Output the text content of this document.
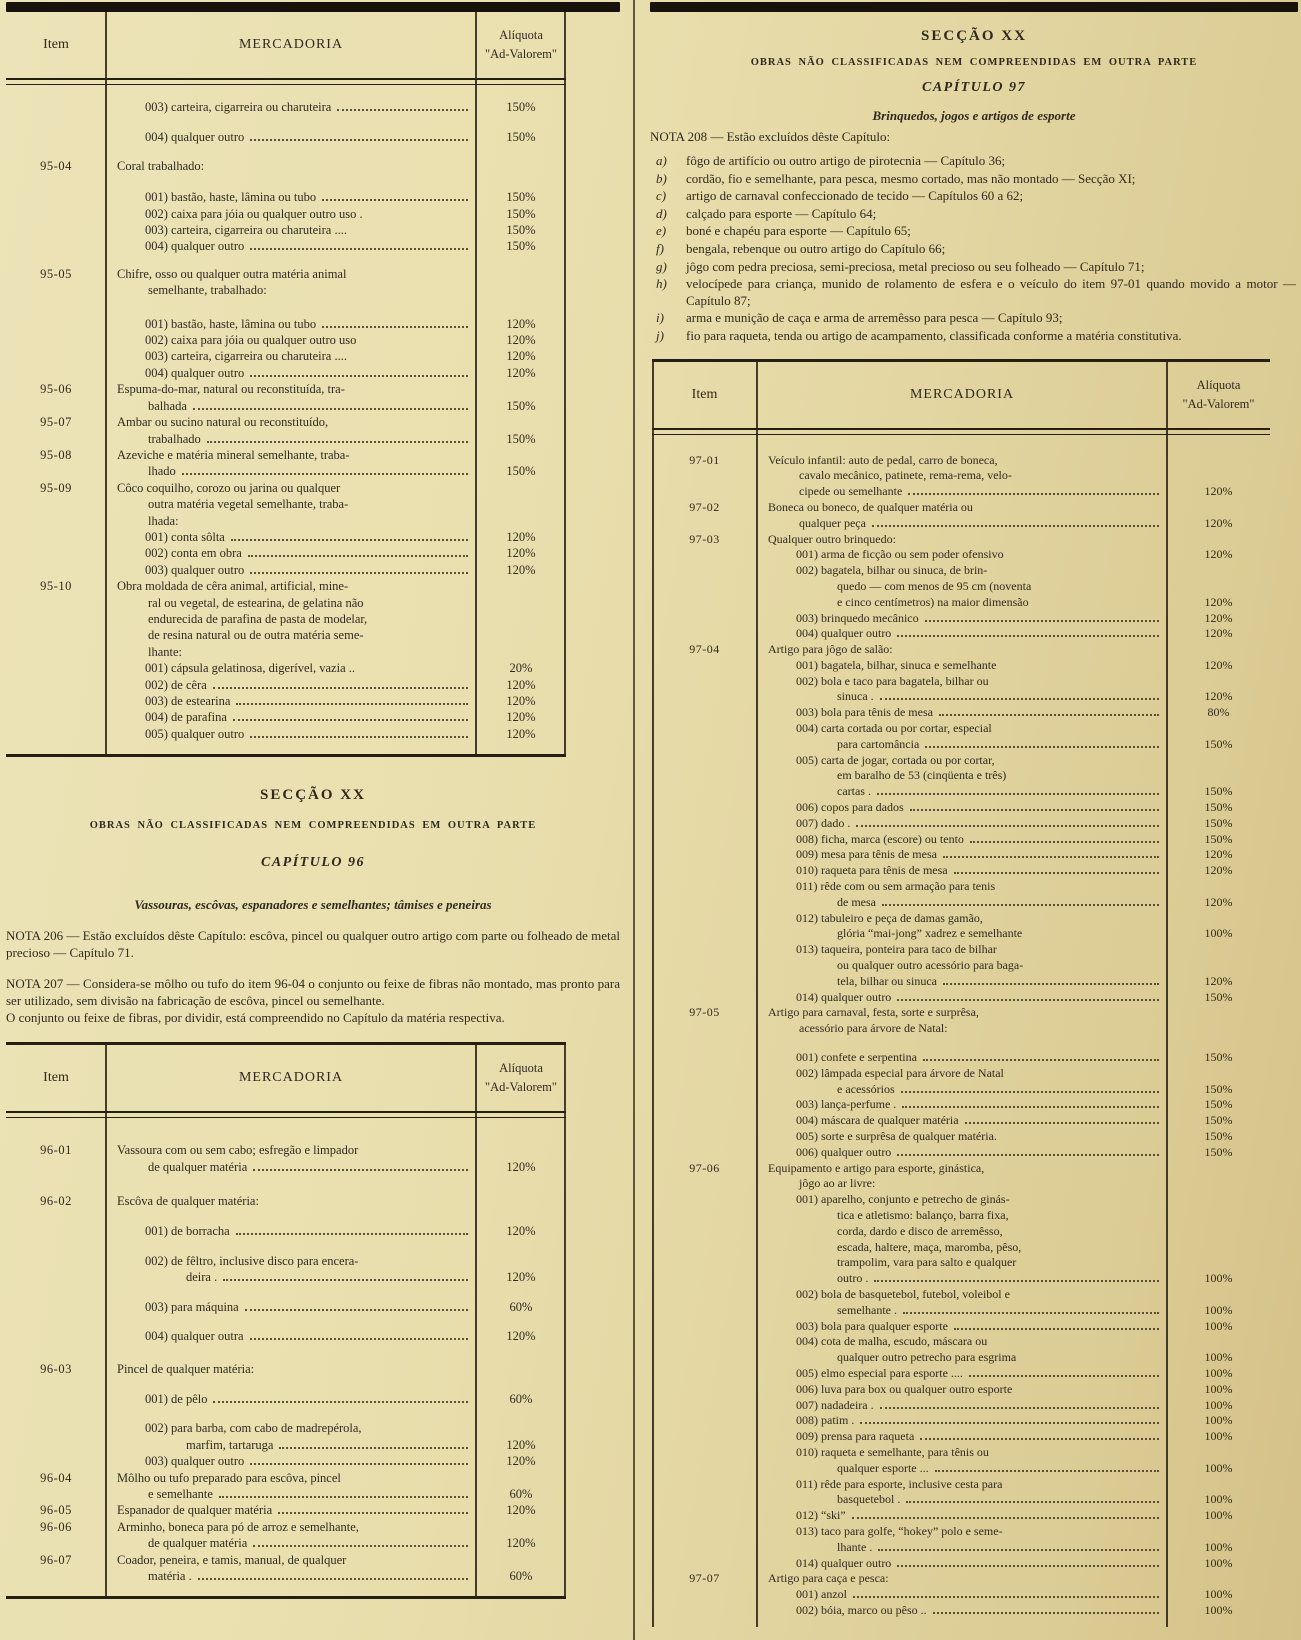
Item	MERCADORIA
Alíquota
"Ad-Valorem"
003) carteira, cigarreira ou charuteira	150%
004) qualquer outro	150%
95-04	Coral trabalhado:
001) bastão, haste, lâmina ou tubo	150%
002) caixa para jóia ou qualquer outro uso .	150%
003) carteira, cigarreira ou charuteira ....	150%
004) qualquer outro	150%
95-05	Chifre, osso ou qualquer outra matéria animal
semelhante, trabalhado:
001) bastão, haste, lâmina ou tubo	120%
002) caixa para jóia ou qualquer outro uso	120%
003) carteira, cigarreira ou charuteira ....	120%
004) qualquer outro	120%
95-06	Espuma-do-mar, natural ou reconstituída, tra-
balhada	150%
95-07	Ambar ou sucino natural ou reconstituído,
trabalhado	150%
95-08	Azeviche e matéria mineral semelhante, traba-
lhado	150%
95-09	Côco coquilho, corozo ou jarina ou qualquer
outra matéria vegetal semelhante, traba-
lhada:
001) conta sôlta	120%
002) conta em obra	120%
003) qualquer outro	120%
95-10	Obra moldada de cêra animal, artificial, mine-
ral ou vegetal, de estearina, de gelatina não
endurecida de parafina de pasta de modelar,
de resina natural ou de outra matéria seme-
lhante:
001) cápsula gelatinosa, digerível, vazia ..	20%
002) de cêra	120%
003) de estearina	120%
004) de parafina	120%
005) qualquer outro	120%
SECÇÃO XX
OBRAS NÃO CLASSIFICADAS NEM COMPREENDIDAS EM OUTRA PARTE
CAPÍTULO 96
Vassouras, escôvas, espanadores e semelhantes; tâmises e peneiras

NOTA 206 — Estão excluídos dêste Capítulo: escôva, pincel ou qualquer outro artigo com parte ou folheado de metal precioso — Capítulo 71.

NOTA 207 — Considera-se môlho ou tufo do item 96-04 o conjunto ou feixe de fibras não montado, mas pronto para ser utilizado, sem divisão na fabricação de escôva, pincel ou semelhante.

O conjunto ou feixe de fibras, por dividir, está compreendido no Capítulo da matéria respectiva.

Item	MERCADORIA
Alíquota
"Ad-Valorem"
96-01	Vassoura com ou sem cabo; esfregão e limpador
de qualquer matéria	120%
96-02	Escôva de qualquer matéria:
001) de borracha	120%
002) de fêltro, inclusive disco para encera-
deira .	120%
003) para máquina	60%
004) qualquer outra	120%
96-03	Pincel de qualquer matéria:
001) de pêlo	60%
002) para barba, com cabo de madrepérola,
marfim, tartaruga	120%
003) qualquer outro	120%
96-04	Môlho ou tufo preparado para escôva, pincel
e semelhante	60%
96-05	Espanador de qualquer matéria	120%
96-06	Arminho, boneca para pó de arroz e semelhante,
de qualquer matéria	120%
96-07	Coador, peneira, e tamis, manual, de qualquer
matéria .	60%
SECÇÃO XX
OBRAS NÃO CLASSIFICADAS NEM COMPREENDIDAS EM OUTRA PARTE
CAPÍTULO 97
Brinquedos, jogos e artigos de esporte

NOTA 208 — Estão excluídos dêste Capítulo:

a)	fôgo de artifício ou outro artigo de pirotecnia — Capítulo 36;
b)	cordão, fio e semelhante, para pesca, mesmo cortado, mas não montado — Secção XI;
c)	artigo de carnaval confeccionado de tecido — Capítulos 60 a 62;
d)	calçado para esporte — Capítulo 64;
e)	boné e chapéu para esporte — Capítulo 65;
f)	bengala, rebenque ou outro artigo do Capítulo 66;
g)	jôgo com pedra preciosa, semi-preciosa, metal precioso ou seu folheado — Capítulo 71;
h)	velocípede para criança, munido de rolamento de esfera e o veículo do item 97-01 quando movido a motor — Capítulo 87;
i)	arma e munição de caça e arma de arremêsso para pesca — Capítulo 93;
j)	fio para raqueta, tenda ou artigo de acampamento, classificada conforme a matéria constitutiva.
Item	MERCADORIA
Alíquota
"Ad-Valorem"
97-01	Veículo infantil: auto de pedal, carro de boneca,
cavalo mecânico, patinete, rema-rema, velo-
cipede ou semelhante	120%
97-02	Boneca ou boneco, de qualquer matéria ou
qualquer peça	120%
97-03	Qualquer outro brinquedo:
001) arma de ficção ou sem poder ofensivo	120%
002) bagatela, bilhar ou sinuca, de brin-
quedo — com menos de 95 cm (noventa
e cinco centímetros) na maior dimensão	120%
003) brinquedo mecânico	120%
004) qualquer outro	120%
97-04	Artigo para jôgo de salão:
001) bagatela, bilhar, sinuca e semelhante	120%
002) bola e taco para bagatela, bilhar ou
sinuca .	120%
003) bola para tênis de mesa	80%
004) carta cortada ou por cortar, especial
para cartomância	150%
005) carta de jogar, cortada ou por cortar,
em baralho de 53 (cinqüenta e três)
cartas .	150%
006) copos para dados	150%
007) dado .	150%
008) ficha, marca (escore) ou tento	150%
009) mesa para tênis de mesa	120%
010) raqueta para tênis de mesa	120%
011) rêde com ou sem armação para tenis
de mesa	120%
012) tabuleiro e peça de damas gamão,
glória “mai-jong” xadrez e semelhante	100%
013) taqueira, ponteira para taco de bilhar
ou qualquer outro acessório para baga-
tela, bilhar ou sinuca	120%
014) qualquer outro	150%
97-05	Artigo para carnaval, festa, sorte e surprêsa,
acessório para árvore de Natal:
001) confete e serpentina	150%
002) lâmpada especial para árvore de Natal
e acessórios	150%
003) lança-perfume .	150%
004) máscara de qualquer matéria	150%
005) sorte e surprêsa de qualquer matéria.	150%
006) qualquer outro	150%
97-06	Equipamento e artigo para esporte, ginástica,
jôgo ao ar livre:
001) aparelho, conjunto e petrecho de ginás-
tica e atletismo: balanço, barra fixa,
corda, dardo e disco de arremêsso,
escada, haltere, maça, maromba, pêso,
trampolim, vara para salto e qualquer
outro .	100%
002) bola de basquetebol, futebol, voleibol e
semelhante .	100%
003) bola para qualquer esporte	100%
004) cota de malha, escudo, máscara ou
qualquer outro petrecho para esgrima	100%
005) elmo especial para esporte ....	100%
006) luva para box ou qualquer outro esporte	100%
007) nadadeira .	100%
008) patim .	100%
009) prensa para raqueta	100%
010) raqueta e semelhante, para tênis ou
qualquer esporte ...	100%
011) rêde para esporte, inclusive cesta para
basquetebol .	100%
012) “ski”	100%
013) taco para golfe, “hokey” polo e seme-
lhante .	100%
014) qualquer outro	100%
97-07	Artigo para caça e pesca:
001) anzol	100%
002) bóia, marco ou pêso ..	100%
